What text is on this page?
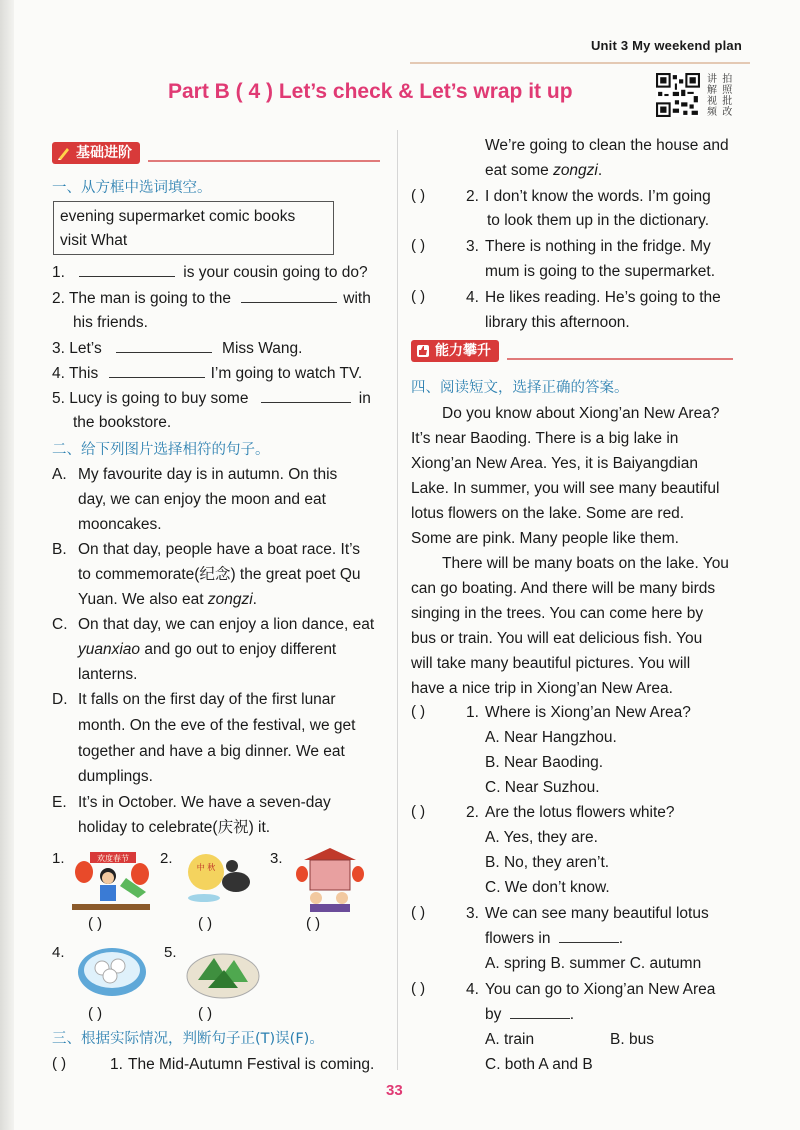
Unit 3 My weekend plan
Part B ( 4 ) Let’s check & Let’s wrap it up
讲
解
视
频 拍
照
批
改
基础进阶
一、从方框中选词填空。
evening supermarket comic books
visit What
1.	is your cousin going to do?
2. The man is going to the	with
his friends.
3. Let’s	Miss Wang.
4. This	I’m going to watch TV.
5. Lucy is going to buy some	in
the bookstore.
二、给下列图片选择相符的句子。
A. My favourite day is in autumn. On this
day, we can enjoy the moon and eat
mooncakes.
B. On that day, people have a boat race. It’s
to commemorate(纪念) the great poet Qu
Yuan. We also eat zongzi.
C. On that day, we can enjoy a lion dance, eat
yuanxiao and go out to enjoy different
lanterns.
D. It falls on the first day of the first lunar
month. On the eve of the festival, we get
together and have a big dinner. We eat
dumplings.
E. It’s in October. We have a seven-day
holiday to celebrate(庆祝) it.
1.	欢度春节
( )
2.
中 秋
( )
3.
( )
4.
( )
5.
( )
三、根据实际情况，判断句子正(T)误(F)。
( )	1. The Mid-Autumn Festival is coming.
We’re going to clean the house and
eat some zongzi.
( )	2. I don’t know the words. I’m going
to look them up in the dictionary.
( )	3. There is nothing in the fridge. My
mum is going to the supermarket.
( )	4. He likes reading. He’s going to the
library this afternoon.
能力攀升
四、阅读短文，选择正确的答案。
Do you know about Xiong’an New Area?
It’s near Baoding. There is a big lake in
Xiong’an New Area. Yes, it is Baiyangdian
Lake. In summer, you will see many beautiful
lotus flowers on the lake. Some are red.
Some are pink. Many people like them.
There will be many boats on the lake. You
can go boating. And there will be many birds
singing in the trees. You can come here by
bus or train. You will eat delicious fish. You
will take many beautiful pictures. You will
have a nice trip in Xiong’an New Area.
( )	1. Where is Xiong’an New Area?
A. Near Hangzhou.
B. Near Baoding.
C. Near Suzhou.
( )	2. Are the lotus flowers white?
A. Yes, they are.
B. No, they aren’t.
C. We don’t know.
( )	3. We can see many beautiful lotus
flowers in	.
A. spring B. summer C. autumn
( )	4. You can go to Xiong’an New Area
by	.
A. train	B. bus
C. both A and B
33
